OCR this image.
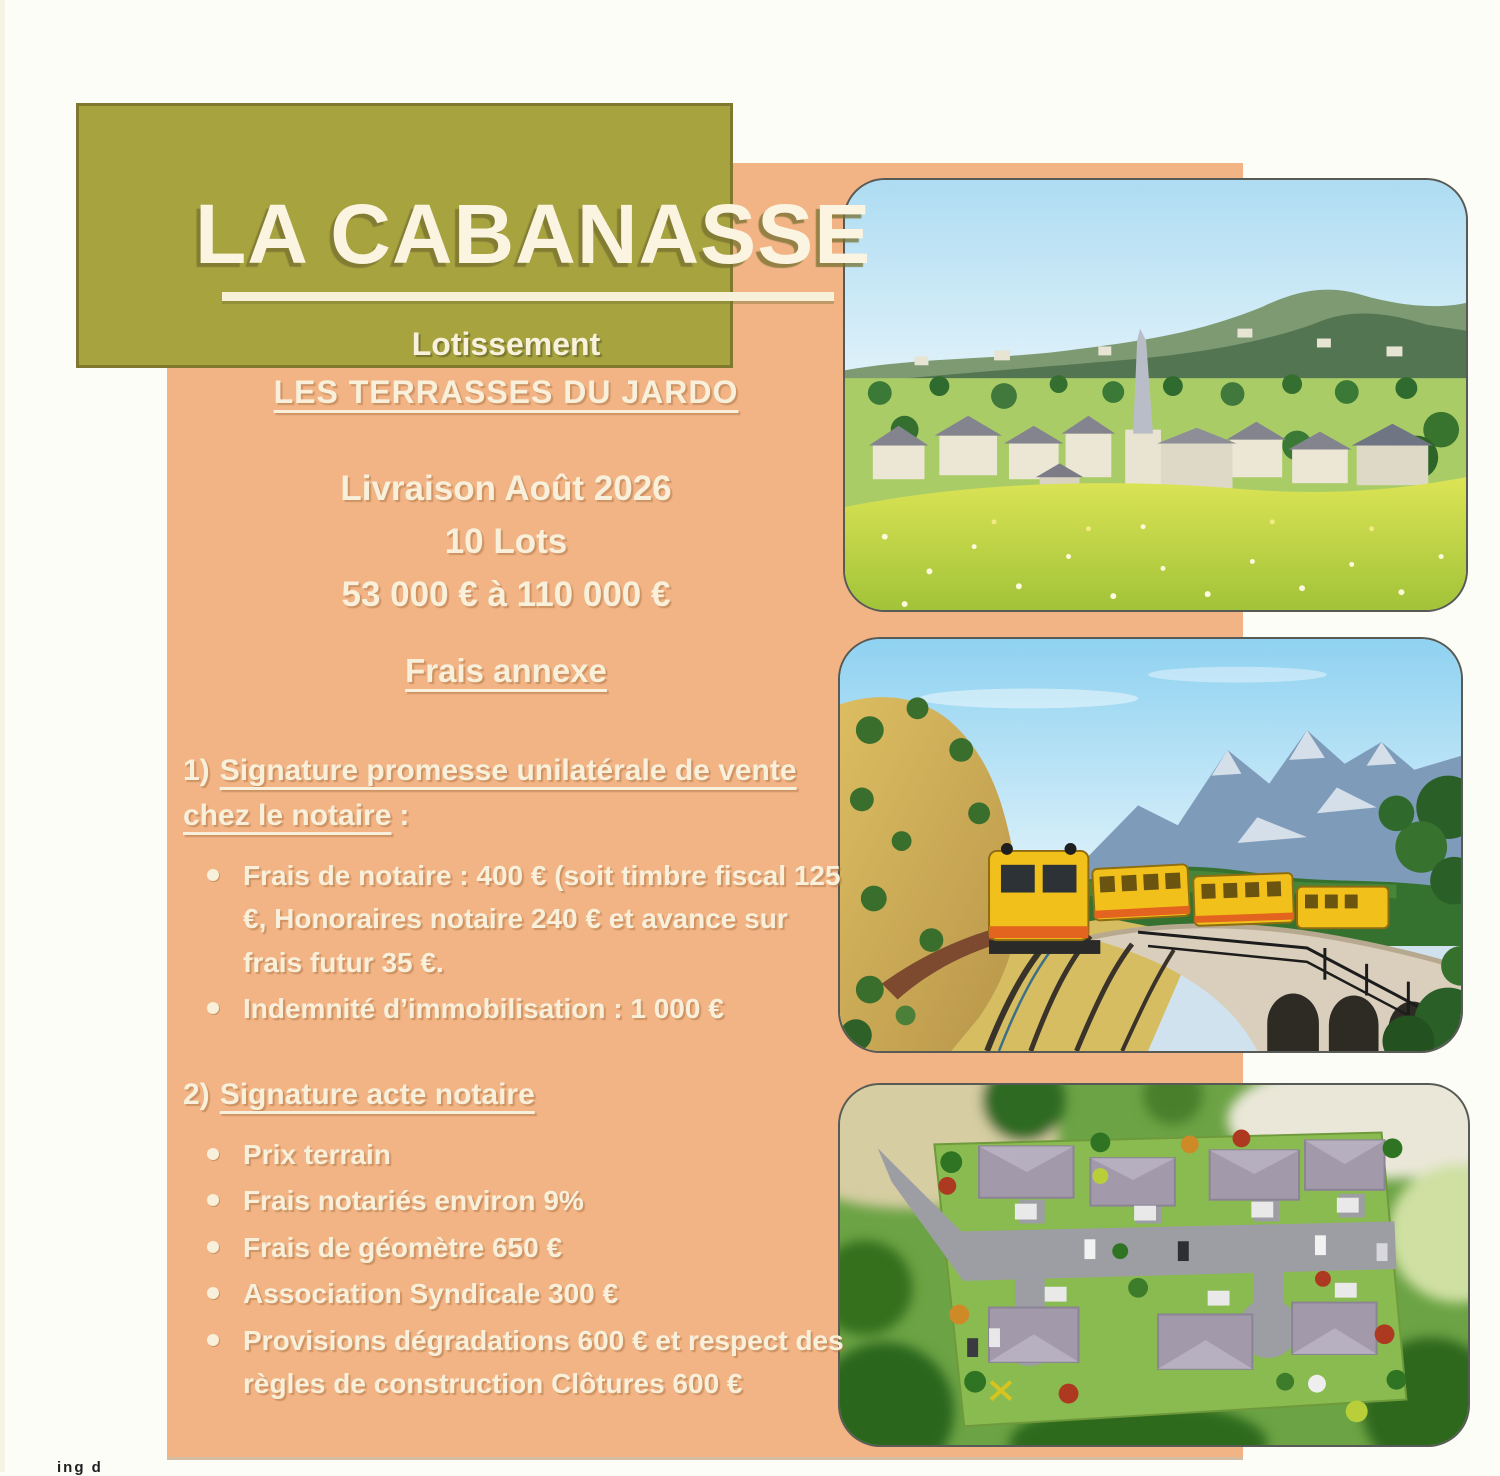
LA CABANASSE
Lotissement
LES TERRASSES DU JARDO
Livraison Août 2026
10 Lots
53 000 € à 110 000 €
Frais annexe
1) Signature promesse unilatérale de vente chez le notaire :
Frais de notaire : 400 € (soit timbre fiscal 125 €, Honoraires notaire 240 € et avance sur frais futur 35 €.
Indemnité d’immobilisation : 1 000 €
2) Signature acte notaire
Prix terrain
Frais notariés environ 9%
Frais de géomètre 650 €
Association Syndicale 300 €
Provisions dégradations 600 € et respect des règles de construction Clôtures 600 €
ing d
